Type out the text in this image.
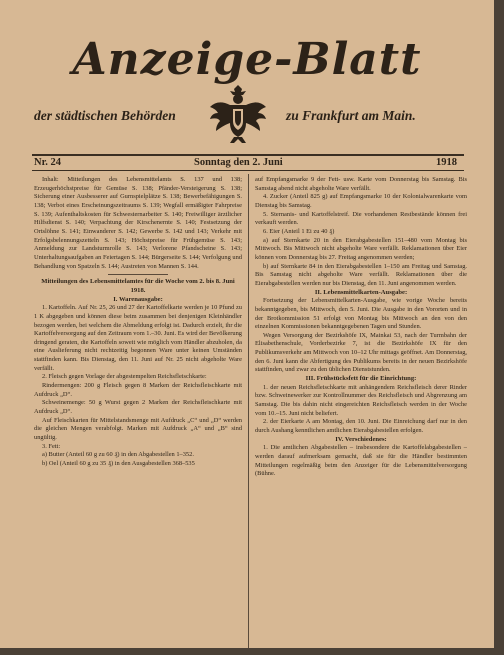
Anzeige-Blatt
der städtischen Behörden	zu Frankfurt am Main.
Nr. 24	Sonntag den 2. Juni	1918

Inhalt: Mitteilungen des Lebensmittelamts S. 137 und 138; Erzeugerhöchstpreise für Gemüse S. 138; Pfänder-Versteigerung S. 138; Sicherung einer Ausbesserer auf Gurnspielplätze S. 138; Bewerbefähigungen S. 138; Verbot eines Erscheinungszeitraums S. 139; Wegfall ermäßigter Fahrpreise S. 139; Aufenthaltskosten für Schwesternarbeiter S. 140; Freiwilliger ärztlicher Hilfsdienst S. 140; Verpachtung der Kirschenernte S. 140; Festsetzung der Ortslöhne S. 141; Einwanderer S. 142; Gewerbe S. 142 und 143; Verkehr mit Erfolgsbelennungszetteln S. 143; Höchstpreise für Frühgemüse S. 143; Anmeldung zur Landsturmrolle S. 143; Verlorene Pfandscheine S. 143; Unterhaltungsaufgaben an Feiertagen S. 144; Bürgerseite S. 144; Verfolgung und Behandlung von Spatzeln S. 144; Austreten von Mannen S. 144.

Mitteilungen des Lebensmittelamtes für die Woche vom 2. bis 8. Juni 1918.

I. Warenausgabe:

1. Kartoffeln. Auf Nr. 25, 26 und 27 der Kartoffelkarte werden je 10 Pfund zu 1 K abgegeben und können diese beim zusammen bei denjenigen Kleinhändler bezogen werden, bei welchem die Abmeldung erfolgt ist. Dadurch erzielt, ihr die Kartoffelversorgung auf den Zeitraum vom 1.–30. Juni. Es wird der Bevölkerung dringend geraten, die Kartoffeln soweit wie möglich vom Händler abzuholen, da eine Auslieferung nicht rechtzeitig begonnen Ware unter keinen Umständen stattfinden kann. Bis Dienstag, den 11. Juni auf Nr. 25 nicht abgeholte Ware verfällt.

2. Fleisch gegen Vorlage der abgestempelten Reichsfleischkarte:

Rindermengen: 200 g Fleisch gegen 8 Marken der Reichsfleischkarte mit Aufdruck „D“.

Schweinemenge: 50 g Wurst gegen 2 Marken der Reichsfleischkarte mit Aufdruck „D“.

Auf Fleischkarten für Mittelstandsmenge mit Aufdruck „C“ und „D“ werden die gleichen Mengen verabfolgt. Marken mit Aufdruck „A“ und „B“ sind ungültig.

3. Fett:

a) Butter (Anteil 60 g zu 60 ₰) in den Abgabestellen 1–352.

b) Oel (Anteil 60 g zu 35 ₰) in den Ausgabestellen 368–535

auf Empfangsmarke 9 der Fett- usw. Karte vom Donnerstag bis Samstag. Bis Samstag abend nicht abgeholte Ware verfällt.

4. Zucker (Anteil 825 g) auf Empfangsmarke 10 der Kolonialwarenkarte vom Dienstag bis Samstag.

5. Sternanis- und Kartoffelstreif. Die vorhandenen Restbestände können frei verkauft werden.

6. Eier (Anteil 1 Ei zu 40 ₰)

a) auf Sternkarte 20 in den Eierabgabestellen 151–480 vom Montag bis Mittwoch. Bis Mittwoch nicht abgeholte Ware verfällt. Reklamationen über Eier können vom Donnerstag bis 27. Freitag angenommen werden;

b) auf Sternkarte 84 in den Eierabgabestellen 1–150 am Freitag und Samstag. Bis Samstag nicht abgeholte Ware verfällt. Reklamationen über die Eierabgabestellen werden nur bis Dienstag, den 11. Juni angenommen werden.

II. Lebensmittelkarten-Ausgabe:

Fortsetzung der Lebensmittelkarten-Ausgabe, wie vorige Woche bereits bekanntgegeben, bis Mittwoch, den 5. Juni. Die Ausgabe in den Vororten und in der Brotkommission 51 erfolgt von Montag bis Mittwoch an den von den einzelnen Kommissionen bekanntgegebenen Tagen und Stunden.

Wegen Versorgung der Bezirkshöfe IX, Mainkai 53, nach der Turmbahn der Elisabethenschule, Vorderbezirke 7, ist die Bezirkshöfe IX für den Publikumsverkehr am Mittwoch von 10–12 Uhr mittags geöffnet. Am Donnerstag, den 6. Juni kann die Abfertigung des Publikums bereits in der neuen Bezirkshöfe stattfinden, und zwar zu den üblichen Dienststunden.

III. Frühstücksfett für die Einrichtung:

1. der neuen Reichsfleischkarte mit anhängendem Reichsfleisch derer Rinder bzw. Schweinewerker zur Kontrollnummer des Reichsfleisch und Abgrenzung am Samstag. Die bis dahin nicht eingereichten Reichsfleisch werden in der Woche vom 10.–15. Juni nicht beliefert.

2. der Eierkarte A am Montag, den 10. Juni. Die Einreichung darf nur in den durch Aushang kenntlichen amtlichen Eierabgabestellen erfolgen.

IV. Verschiedenes:

1. Die amtlichen Abgabestellen – insbesondere die Kartoffelabgabestellen – werden darauf aufmerksam gemacht, daß sie für die Händler bestimmten Mitteilungen regelmäßig beim den Anzeiger für die Lebensmittelversorgung (Bühne.
